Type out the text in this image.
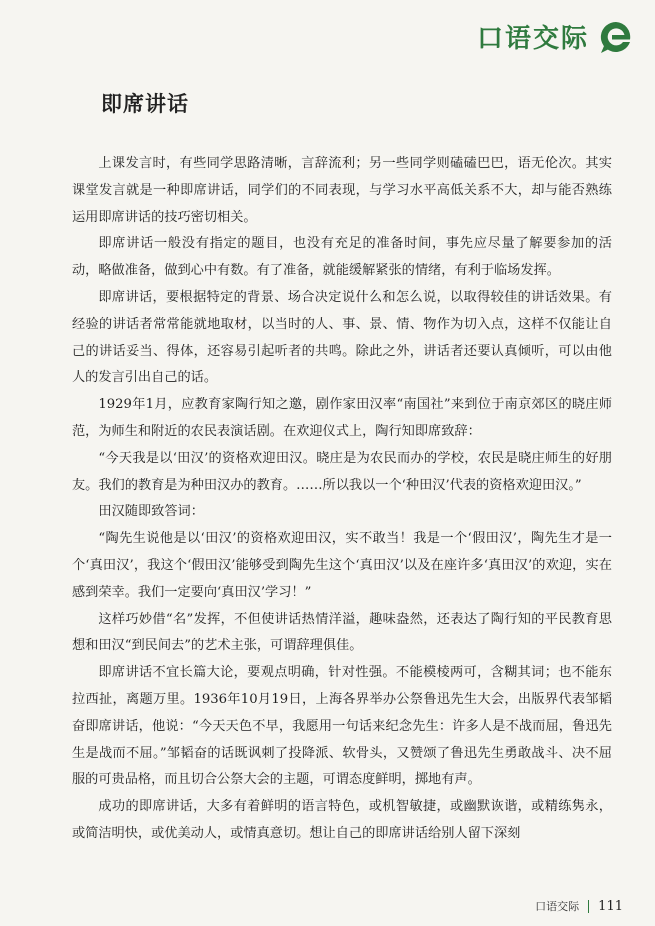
口语交际
即席讲话

上课发言时，有些同学思路清晰，言辞流利；另一些同学则磕磕巴巴，语无伦次。其实课堂发言就是一种即席讲话，同学们的不同表现，与学习水平高低关系不大，却与能否熟练运用即席讲话的技巧密切相关。

即席讲话一般没有指定的题目，也没有充足的准备时间，事先应尽量了解要参加的活动，略做准备，做到心中有数。有了准备，就能缓解紧张的情绪，有利于临场发挥。

即席讲话，要根据特定的背景、场合决定说什么和怎么说，以取得较佳的讲话效果。有经验的讲话者常常能就地取材，以当时的人、事、景、情、物作为切入点，这样不仅能让自己的讲话妥当、得体，还容易引起听者的共鸣。除此之外，讲话者还要认真倾听，可以由他人的发言引出自己的话。

1929年1月，应教育家陶行知之邀，剧作家田汉率“南国社”来到位于南京郊区的晓庄师范，为师生和附近的农民表演话剧。在欢迎仪式上，陶行知即席致辞：

“今天我是以‘田汉’的资格欢迎田汉。晓庄是为农民而办的学校，农民是晓庄师生的好朋友。我们的教育是为种田汉办的教育。……所以我以一个‘种田汉’代表的资格欢迎田汉。”

田汉随即致答词：

“陶先生说他是以‘田汉’的资格欢迎田汉，实不敢当！我是一个‘假田汉’，陶先生才是一个‘真田汉’，我这个‘假田汉’能够受到陶先生这个‘真田汉’以及在座许多‘真田汉’的欢迎，实在感到荣幸。我们一定要向‘真田汉’学习！”

这样巧妙借“名”发挥，不但使讲话热情洋溢，趣味盎然，还表达了陶行知的平民教育思想和田汉“到民间去”的艺术主张，可谓辞理俱佳。

即席讲话不宜长篇大论，要观点明确，针对性强。不能模棱两可，含糊其词；也不能东拉西扯，离题万里。1936年10月19日，上海各界举办公祭鲁迅先生大会，出版界代表邹韬奋即席讲话，他说：“今天天色不早，我愿用一句话来纪念先生：许多人是不战而屈，鲁迅先生是战而不屈。”邹韬奋的话既讽刺了投降派、软骨头，又赞颂了鲁迅先生勇敢战斗、决不屈服的可贵品格，而且切合公祭大会的主题，可谓态度鲜明，掷地有声。

成功的即席讲话，大多有着鲜明的语言特色，或机智敏捷，或幽默诙谐，或精练隽永，或简洁明快，或优美动人，或情真意切。想让自己的即席讲话给别人留下深刻

口语交际 111
